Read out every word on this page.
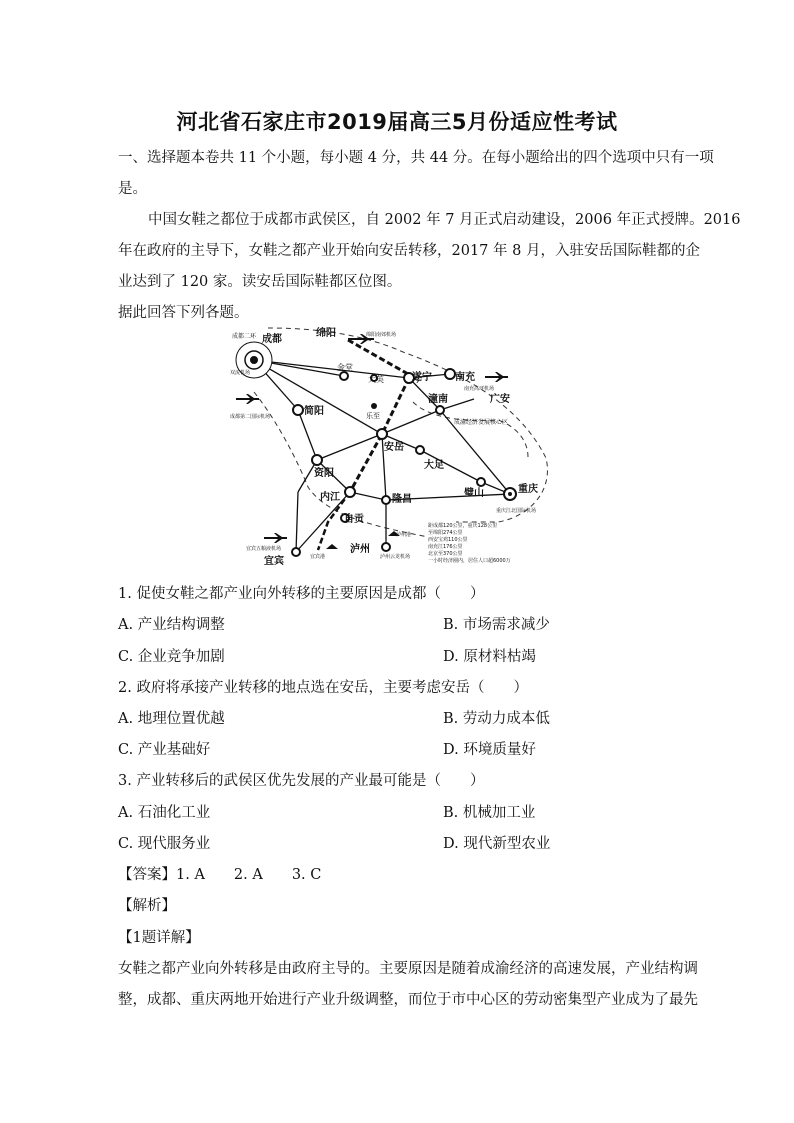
河北省石家庄市2019届高三5月份适应性考试
一、选择题本卷共 11 个小题，每小题 4 分，共 44 分。在每小题给出的四个选项中只有一项
是。
中国女鞋之都位于成都市武侯区，自 2002 年 7 月正式启动建设，2006 年正式授牌。2016
年在政府的主导下，女鞋之都产业开始向安岳转移，2017 年 8 月，入驻安岳国际鞋都的企
业达到了 120 家。读安岳国际鞋都区位图。
据此回答下列各题。
成都
成都二环	绵阳	绵阳南郊机场
金堂
大英	遂宁 南充
南充高坪机场
广安
潼南
成渝经济发展核心区
乐至
简阳
成都第二国际机场
双流机场
安岳
资阳
大足
璧山	重庆
重庆江北国际机场
内江	隆昌
自贡
泸州
泸州云龙机场
宜宾
宜宾五粮液机场
泸州港
宜宾港
距成都120公里，重庆128公里
至绵阳274公里
西安宝鸡110公里
南充江176公里
北京至370公里
一小时经济圈内，居住人口超6000万
1. 促使女鞋之都产业向外转移的主要原因是成都（　　）
A. 产业结构调整	B. 市场需求减少
C. 企业竞争加剧	D. 原材料枯竭
2. 政府将承接产业转移的地点选在安岳，主要考虑安岳（　　）
A. 地理位置优越	B. 劳动力成本低
C. 产业基础好	D. 环境质量好
3. 产业转移后的武侯区优先发展的产业最可能是（　　）
A. 石油化工业	B. 机械加工业
C. 现代服务业	D. 现代新型农业
【答案】1. A　　2. A　　3. C
【解析】
【1题详解】
女鞋之都产业向外转移是由政府主导的。主要原因是随着成渝经济的高速发展，产业结构调
整，成都、重庆两地开始进行产业升级调整，而位于市中心区的劳动密集型产业成为了最先
